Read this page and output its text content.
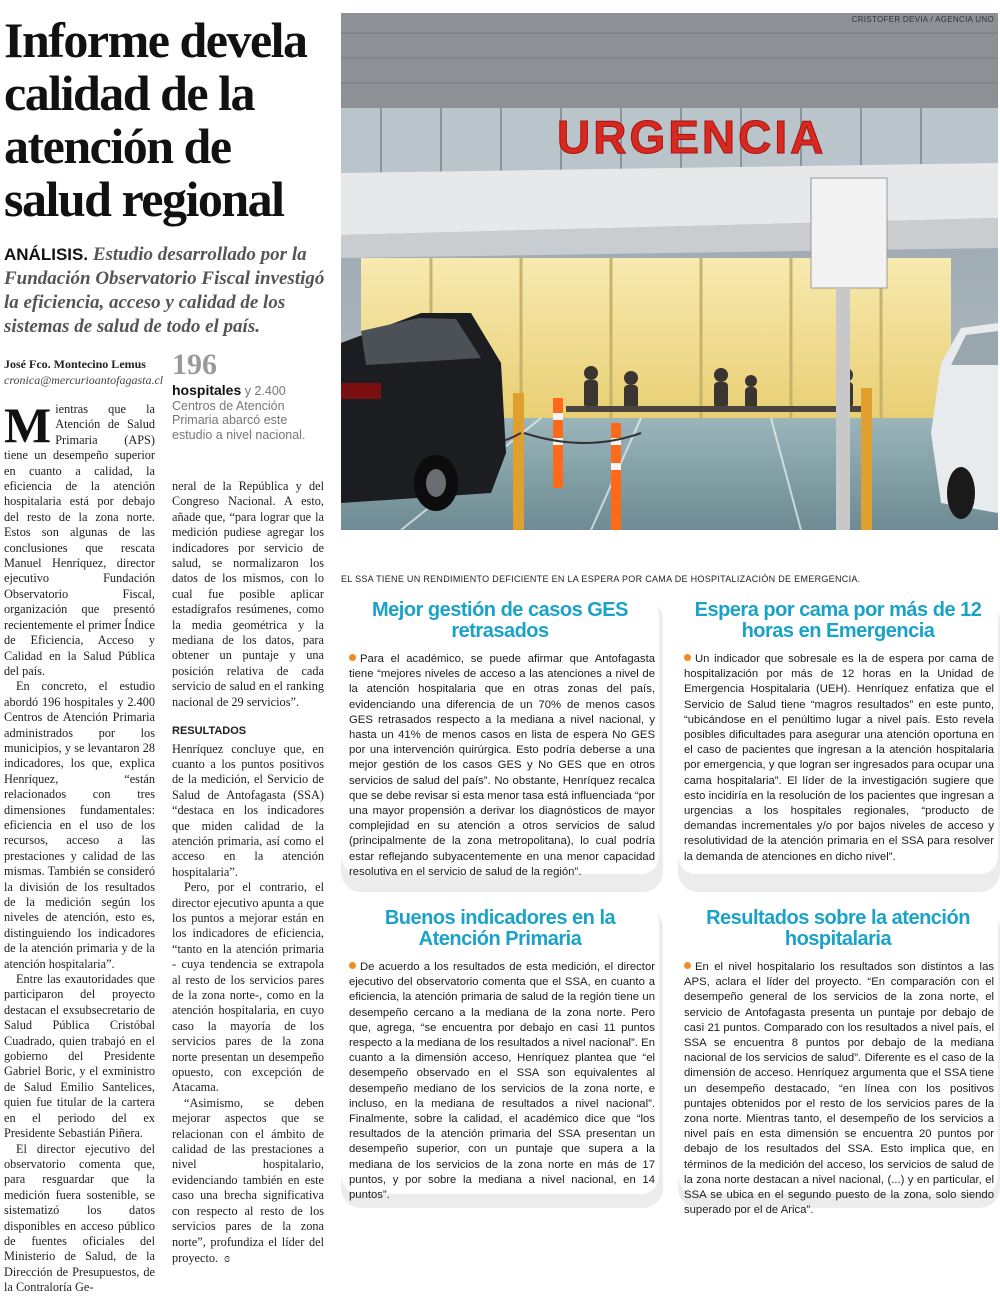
Informe devela calidad de la atención de salud regional

ANÁLISIS. Estudio desarrollado por la Fundación Observatorio Fiscal investigó la eficiencia, acceso y calidad de los sistemas de salud de todo el país.

José Fco. Montecino Lemus
cronica@mercurioantofagasta.cl 196
hospitales y 2.400 Centros de Atención Primaria abarcó este estudio a nivel nacional.

Mientras que la Atención de Salud Primaria (APS) tiene un desempeño superior en cuanto a calidad, la eficiencia de la atención hospitalaria está por debajo del resto de la zona norte. Estos son algunas de las conclusiones que rescata Manuel Henríquez, director ejecutivo Fundación Observatorio Fiscal, organización que presentó recientemente el primer Índice de Eficiencia, Acceso y Calidad en la Salud Pública del país.

En concreto, el estudio abordó 196 hospitales y 2.400 Centros de Atención Primaria administrados por los municipios, y se levantaron 28 indicadores, los que, explica Henríquez, “están relacionados con tres dimensiones fundamentales: eficiencia en el uso de los recursos, acceso a las prestaciones y calidad de las mismas. También se consideró la división de los resultados de la medición según los niveles de atención, esto es, distinguiendo los indicadores de la atención primaria y de la atención hospitalaria”.

Entre las exautoridades que participaron del proyecto destacan el exsubsecretario de Salud Pública Cristóbal Cuadrado, quien trabajó en el gobierno del Presidente Gabriel Boric, y el exministro de Salud Emilio Santelices, quien fue titular de la cartera en el periodo del ex Presidente Sebastián Piñera.

El director ejecutivo del observatorio comenta que, para resguardar que la medición fuera sostenible, se sistematizó los datos disponibles en acceso público de fuentes oficiales del Ministerio de Salud, de la Dirección de Presupuestos, de la Contraloría Ge-

neral de la República y del Congreso Nacional. A esto, añade que, “para lograr que la medición pudiese agregar los indicadores por servicio de salud, se normalizaron los datos de los mismos, con lo cual fue posible aplicar estadígrafos resúmenes, como la media geométrica y la mediana de los datos, para obtener un puntaje y una posición relativa de cada servicio de salud en el ranking nacional de 29 servicios”.

RESULTADOS

Henríquez concluye que, en cuanto a los puntos positivos de la medición, el Servicio de Salud de Antofagasta (SSA) “destaca en los indicadores que miden calidad de la atención primaria, así como el acceso en la atención hospitalaria”.

Pero, por el contrario, el director ejecutivo apunta a que los puntos a mejorar están en los indicadores de eficiencia, “tanto en la atención primaria - cuya tendencia se extrapola al resto de los servicios pares de la zona norte-, como en la atención hospitalaria, en cuyo caso la mayoría de los servicios pares de la zona norte presentan un desempeño opuesto, con excepción de Atacama.

“Asimismo, se deben mejorar aspectos que se relacionan con el ámbito de calidad de las prestaciones a nivel hospitalario, evidenciando también en este caso una brecha significativa con respecto al resto de los servicios pares de la zona norte”, profundiza el líder del proyecto. ɞ

URGENCIA
CRISTOFER DEVIA / AGENCIA UNO
EL SSA TIENE UN RENDIMIENTO DEFICIENTE EN LA ESPERA POR CAMA DE HOSPITALIZACIÓN DE EMERGENCIA.
Mejor gestión de casos GES retrasados
Para el académico, se puede afirmar que Antofagasta tiene “mejores niveles de acceso a las atenciones a nivel de la atención hospitalaria que en otras zonas del país, evidenciando una diferencia de un 70% de menos casos GES retrasados respecto a la mediana a nivel nacional, y hasta un 41% de menos casos en lista de espera No GES por una intervención quirúrgica. Esto podría deberse a una mejor gestión de los casos GES y No GES que en otros servicios de salud del país”. No obstante, Henríquez recalca que se debe revisar si esta menor tasa está influenciada “por una mayor propensión a derivar los diagnósticos de mayor complejidad en su atención a otros servicios de salud (principalmente de la zona metropolitana), lo cual podría estar reflejando subyacentemente en una menor capacidad resolutiva en el servicio de salud de la región”.
Espera por cama por más de 12 horas en Emergencia
Un indicador que sobresale es la de espera por cama de hospitalización por más de 12 horas en la Unidad de Emergencia Hospitalaria (UEH). Henríquez enfatiza que el Servicio de Salud tiene “magros resultados” en este punto, “ubicándose en el penúltimo lugar a nivel país. Esto revela posibles dificultades para asegurar una atención oportuna en el caso de pacientes que ingresan a la atención hospitalaria por emergencia, y que logran ser ingresados para ocupar una cama hospitalaria”. El líder de la investigación sugiere que esto incidiría en la resolución de los pacientes que ingresan a urgencias a los hospitales regionales, “producto de demandas incrementales y/o por bajos niveles de acceso y resolutividad de la atención primaria en el SSA para resolver la demanda de atenciones en dicho nivel”.
Buenos indicadores en la Atención Primaria
De acuerdo a los resultados de esta medición, el director ejecutivo del observatorio comenta que el SSA, en cuanto a eficiencia, la atención primaria de salud de la región tiene un desempeño cercano a la mediana de la zona norte. Pero que, agrega, “se encuentra por debajo en casi 11 puntos respecto a la mediana de los resultados a nivel nacional”. En cuanto a la dimensión acceso, Henríquez plantea que “el desempeño observado en el SSA son equivalentes al desempeño mediano de los servicios de la zona norte, e incluso, en la mediana de resultados a nivel nacional”. Finalmente, sobre la calidad, el académico dice que “los resultados de la atención primaria del SSA presentan un desempeño superior, con un puntaje que supera a la mediana de los servicios de la zona norte en más de 17 puntos, y por sobre la mediana a nivel nacional, en 14 puntos”.
Resultados sobre la atención hospitalaria
En el nivel hospitalario los resultados son distintos a las APS, aclara el líder del proyecto. “En comparación con el desempeño general de los servicios de la zona norte, el servicio de Antofagasta presenta un puntaje por debajo de casi 21 puntos. Comparado con los resultados a nivel país, el SSA se encuentra 8 puntos por debajo de la mediana nacional de los servicios de salud”. Diferente es el caso de la dimensión de acceso. Henríquez argumenta que el SSA tiene un desempeño destacado, “en línea con los positivos puntajes obtenidos por el resto de los servicios pares de la zona norte. Mientras tanto, el desempeño de los servicios a nivel país en esta dimensión se encuentra 20 puntos por debajo de los resultados del SSA. Esto implica que, en términos de la medición del acceso, los servicios de salud de la zona norte destacan a nivel nacional, (...) y en particular, el SSA se ubica en el segundo puesto de la zona, solo siendo superado por el de Arica”.
